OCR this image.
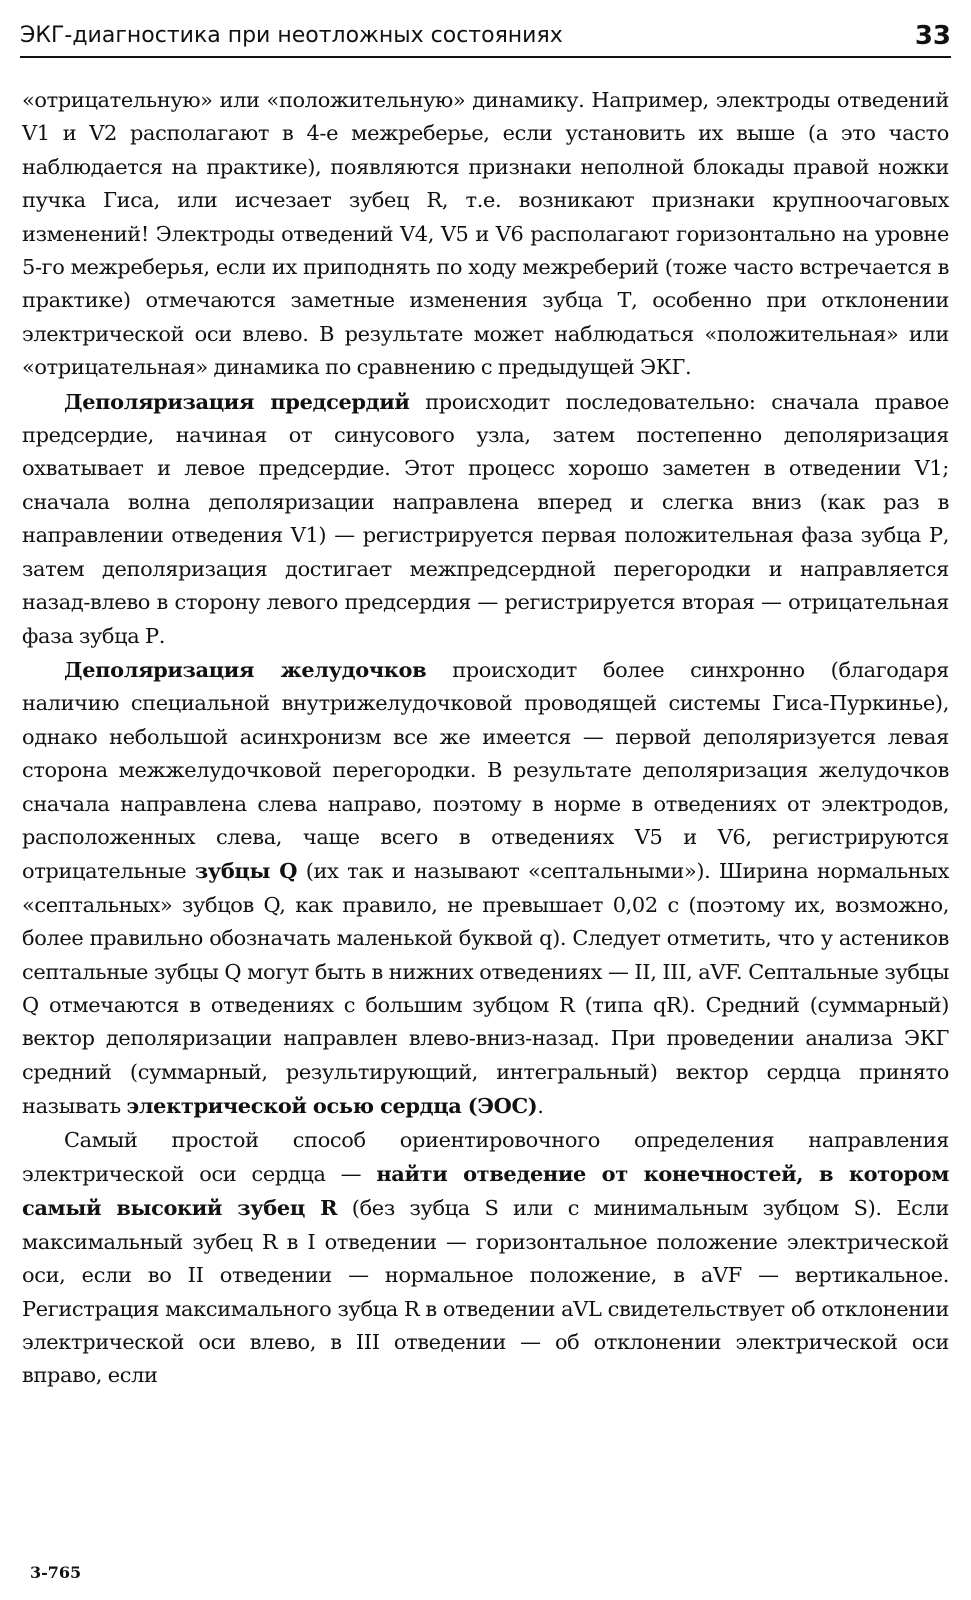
ЭКГ-диагностика при неотложных состояниях	33

«отрицательную» или «положительную» динамику. Например, электроды отведений V1 и V2 располагают в 4-е межреберье, если установить их выше (а это часто наблюдается на практике), появляются признаки неполной блокады правой ножки пучка Гиса, или исчезает зубец R, т.е. возникают признаки крупноочаговых изменений! Электроды отведений V4, V5 и V6 располагают горизонтально на уровне 5-го межреберья, если их приподнять по ходу межреберий (тоже часто встречается в практике) отмечаются заметные изменения зубца Т, особенно при отклонении электрической оси влево. В результате может наблюдаться «положительная» или «отрицательная» динамика по сравнению с предыдущей ЭКГ.

Деполяризация предсердий происходит последовательно: сначала правое предсердие, начиная от синусового узла, затем постепенно деполяризация охватывает и левое предсердие. Этот процесс хорошо заметен в отведении V1; сначала волна деполяризации направлена вперед и слегка вниз (как раз в направлении отведения V1) — регистрируется первая положительная фаза зубца Р, затем деполяризация достигает межпредсердной перегородки и направляется назад-влево в сторону левого предсердия — регистрируется вторая — отрицательная фаза зубца Р.

Деполяризация желудочков происходит более синхронно (благодаря наличию специальной внутрижелудочковой проводящей системы Гиса-Пуркинье), однако небольшой асинхронизм все же имеется — первой деполяризуется левая сторона межжелудочковой перегородки. В результате деполяризация желудочков сначала направлена слева направо, поэтому в норме в отведениях от электродов, расположенных слева, чаще всего в отведениях V5 и V6, регистрируются отрицательные зубцы Q (их так и называют «септальными»). Ширина нормальных «септальных» зубцов Q, как правило, не превышает 0,02 с (поэтому их, возможно, более правильно обозначать маленькой буквой q). Следует отметить, что у астеников септальные зубцы Q могут быть в нижних отведениях — II, III, aVF. Септальные зубцы Q отмечаются в отведениях с большим зубцом R (типа qR). Средний (суммарный) вектор деполяризации направлен влево-вниз-назад. При проведении анализа ЭКГ средний (суммарный, результирующий, интегральный) вектор сердца принято называть электрической осью сердца (ЭОС).

Самый простой способ ориентировочного определения направления электрической оси сердца — найти отведение от конечностей, в котором самый высокий зубец R (без зубца S или с минимальным зубцом S). Если максимальный зубец R в I отведении — горизонтальное положение электрической оси, если во II отведении — нормальное положение, в aVF — вертикальное. Регистрация максимального зубца R в отведении aVL свидетельствует об отклонении электрической оси влево, в III отведении — об отклонении электрической оси вправо, если

3-765
